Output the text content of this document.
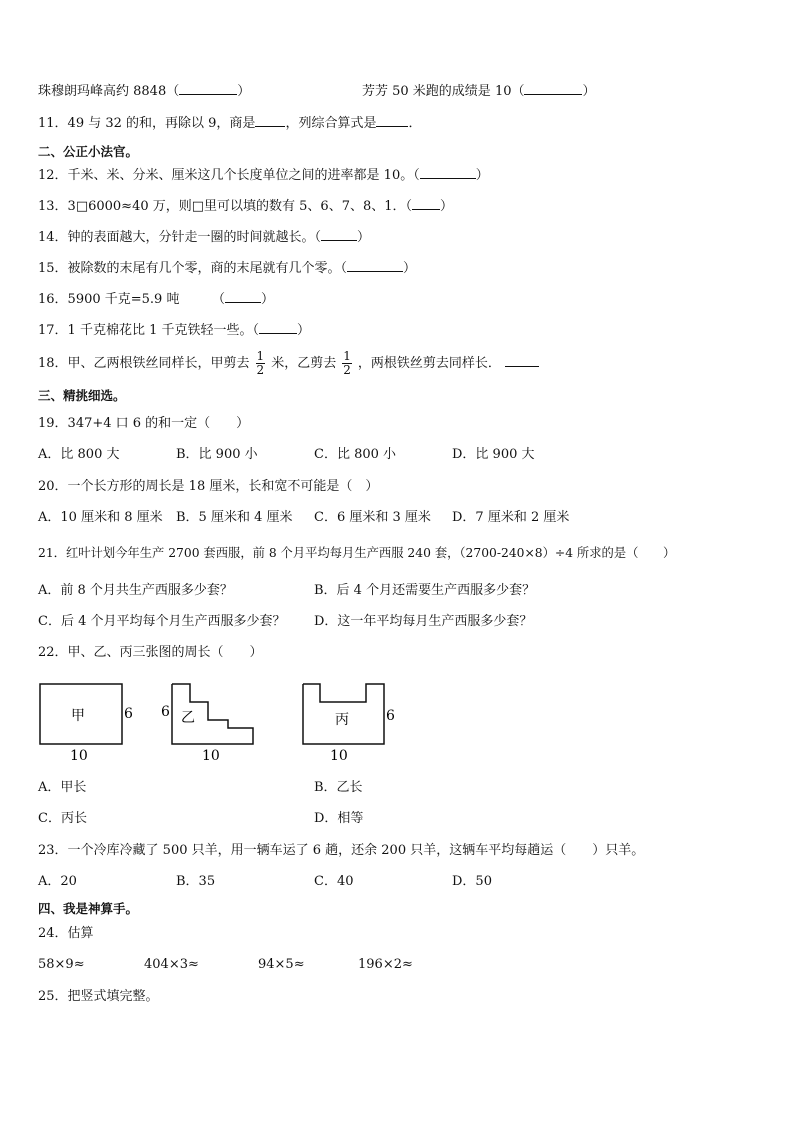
珠穆朗玛峰高约 8848（	）	芳芳 50 米跑的成绩是 10（	）
11．49 与 32 的和，再除以 9，商是 ，列综合算式是 ．
二、公正小法官。
12．千米、米、分米、厘米这几个长度单位之间的进率都是 10。（	）
13．3□6000≈40 万，则□里可以填的数有 5、6、7、8、1．（ ）
14．钟的表面越大，分针走一圈的时间就越长。（	）
15．被除数的末尾有几个零，商的末尾就有几个零。（	）
16．5900 千克=5.9 吨　　　（	）
17．1 千克棉花比 1 千克铁轻一些。（	）
18．甲、乙两根铁丝同样长，甲剪去 $\frac{1}{2}$ 米，乙剪去 $\frac{1}{2}$ ，两根铁丝剪去同样长．
三、精挑细选。
19．347+4 口 6 的和一定（　　）
A．比 800 大	B．比 900 小	C．比 800 小	D．比 900 大
20．一个长方形的周长是 18 厘米，长和宽不可能是（　）
A．10 厘米和 8 厘米 B．5 厘米和 4 厘米 C．6 厘米和 3 厘米 D．7 厘米和 2 厘米
21．红叶计划今年生产 2700 套西服，前 8 个月平均每月生产西服 240 套，（2700-240×8）÷4 所求的是（　　）
A．前 8 个月共生产西服多少套？	B．后 4 个月还需要生产西服多少套？
C．后 4 个月平均每个月生产西服多少套？ D．这一年平均每月生产西服多少套？
22．甲、乙、丙三张图的周长（　　）
甲	6
10
乙
6
10
丙	6
10
A．甲长	B．乙长
C．丙长	D．相等
23．一个冷库冷藏了 500 只羊，用一辆车运了 6 趟，还余 200 只羊，这辆车平均每趟运（　　）只羊。
A．20	B．35	C．40	D．50
四、我是神算手。
24．估算
58×9≈	404×3≈	94×5≈	196×2≈
25．把竖式填完整。
